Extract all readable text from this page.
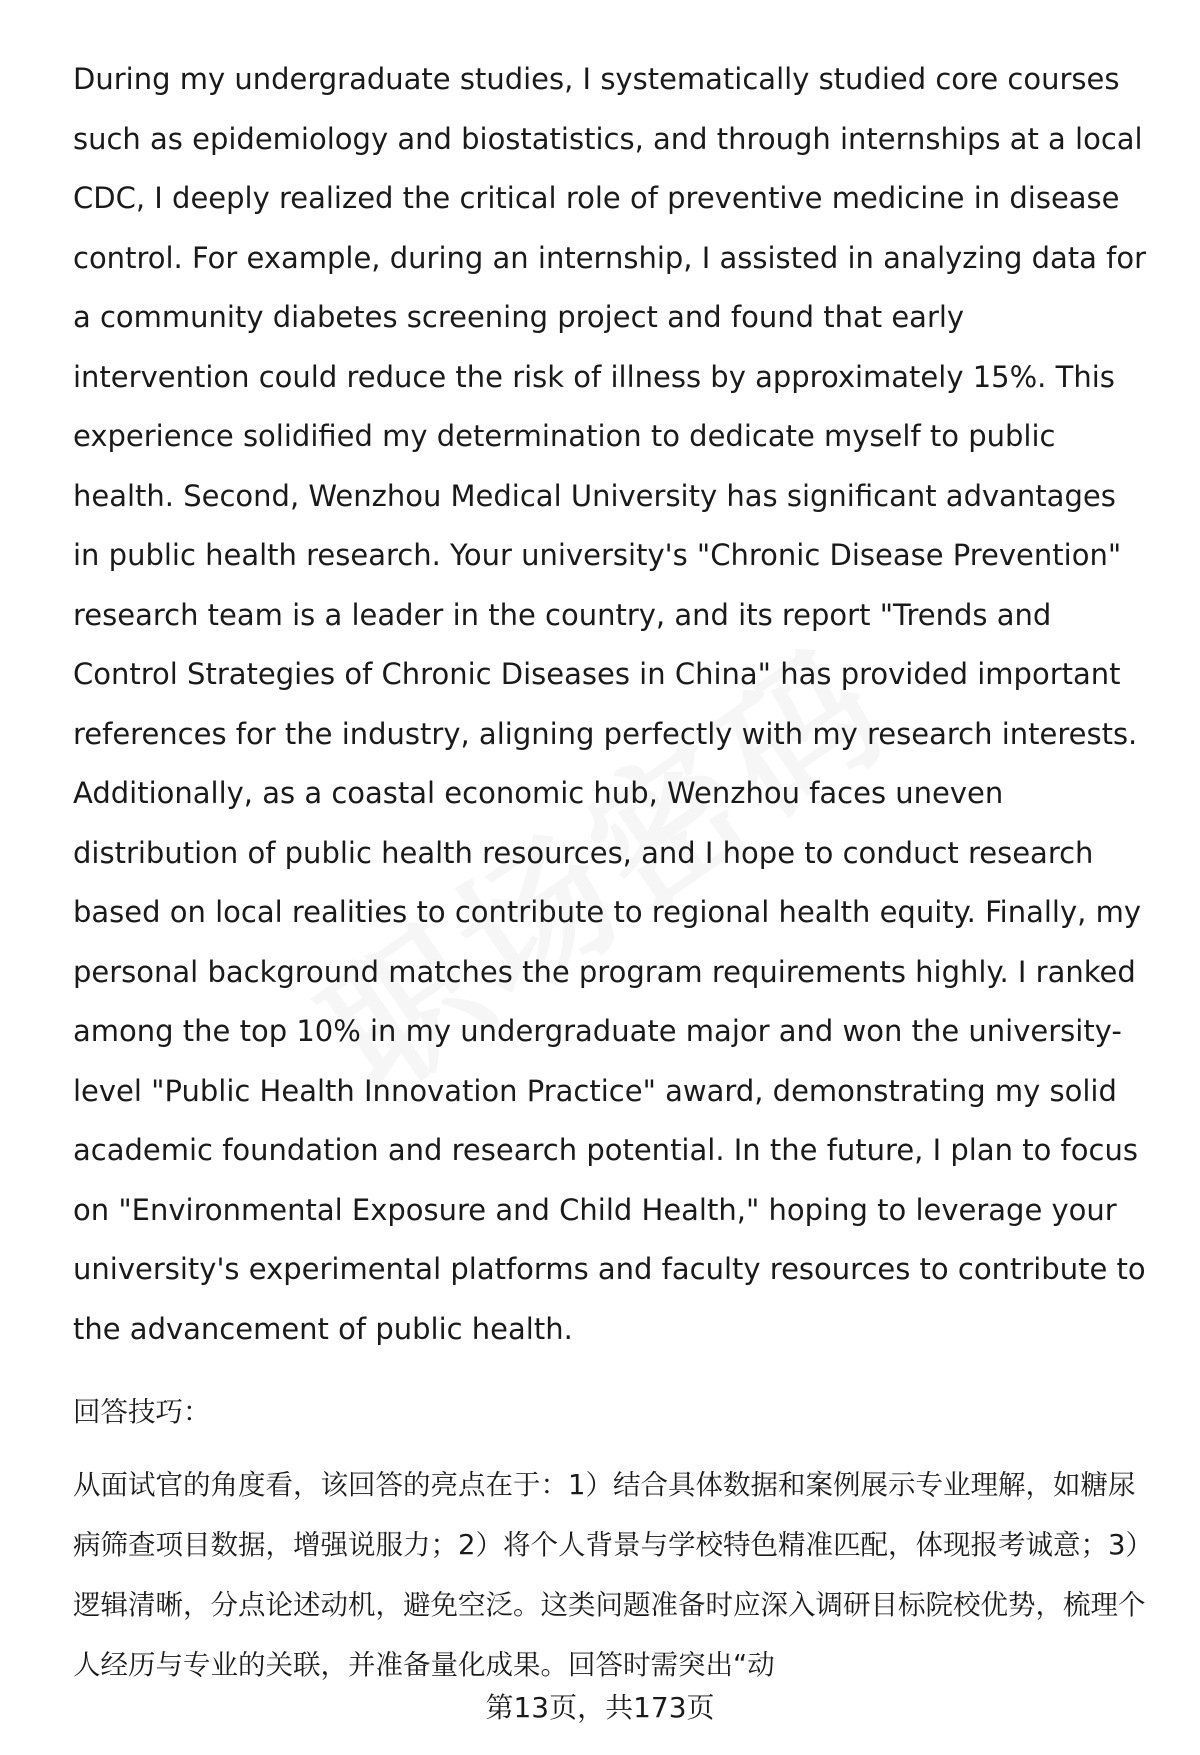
During my undergraduate studies, I systematically studied core courses such as epidemiology and biostatistics, and through internships at a local CDC, I deeply realized the critical role of preventive medicine in disease control. For example, during an internship, I assisted in analyzing data for a community diabetes screening project and found that early intervention could reduce the risk of illness by approximately 15%. This experience solidified my determination to dedicate myself to public health. Second, Wenzhou Medical University has significant advantages in public health research. Your university's "Chronic Disease Prevention" research team is a leader in the country, and its report "Trends and Control Strategies of Chronic Diseases in China" has provided important references for the industry, aligning perfectly with my research interests. Additionally, as a coastal economic hub, Wenzhou faces uneven distribution of public health resources, and I hope to conduct research based on local realities to contribute to regional health equity. Finally, my personal background matches the program requirements highly. I ranked among the top 10% in my undergraduate major and won the university-level "Public Health Innovation Practice" award, demonstrating my solid academic foundation and research potential. In the future, I plan to focus on "Environmental Exposure and Child Health," hoping to leverage your university's experimental platforms and faculty resources to contribute to the advancement of public health.

回答技巧：

从面试官的角度看，该回答的亮点在于：1）结合具体数据和案例展示专业理解，如糖尿病筛查项目数据，增强说服力；2）将个人背景与学校特色精准匹配，体现报考诚意；3）逻辑清晰，分点论述动机，避免空泛。这类问题准备时应深入调研目标院校优势，梳理个人经历与专业的关联，并准备量化成果。回答时需突出“动

第13页，共173页
